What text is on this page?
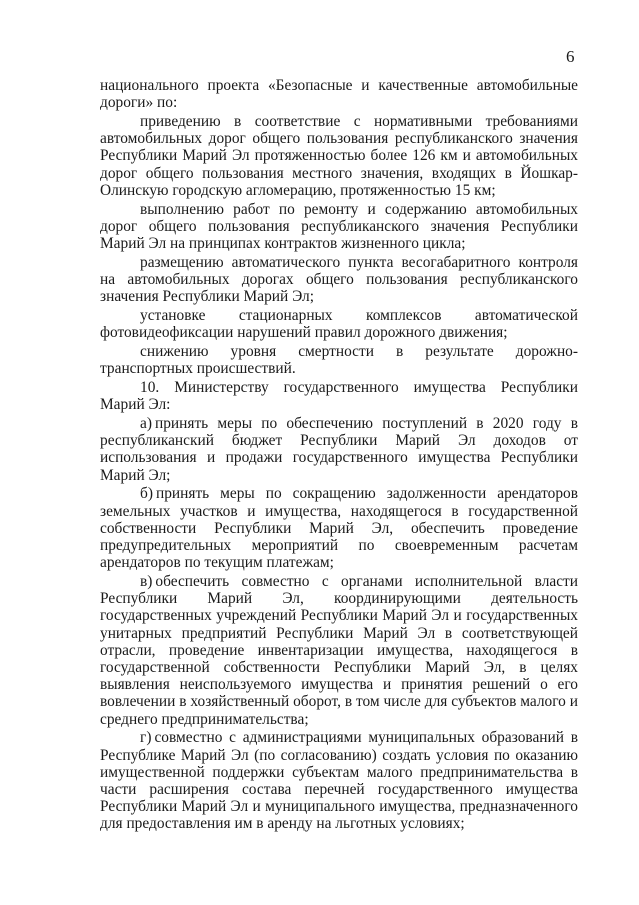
6

национального проекта «Безопасные и качественные автомобильные дороги» по:

приведению в соответствие с нормативными требованиями автомобильных дорог общего пользования республиканского значения Республики Марий Эл протяженностью более 126 км и автомобильных дорог общего пользования местного значения, входящих в Йошкар-Олинскую городскую агломерацию, протяженностью 15 км;

выполнению работ по ремонту и содержанию автомобильных дорог общего пользования республиканского значения Республики Марий Эл на принципах контрактов жизненного цикла;

размещению автоматического пункта весогабаритного контроля на автомобильных дорогах общего пользования республиканского значения Республики Марий Эл;

установке стационарных комплексов автоматической фотовидеофиксации нарушений правил дорожного движения;

снижению уровня смертности в результате дорожно-транспортных происшествий.

10. Министерству государственного имущества Республики Марий Эл:

а) принять меры по обеспечению поступлений в 2020 году в республиканский бюджет Республики Марий Эл доходов от использования и продажи государственного имущества Республики Марий Эл;

б) принять меры по сокращению задолженности арендаторов земельных участков и имущества, находящегося в государственной собственности Республики Марий Эл, обеспечить проведение предупредительных мероприятий по своевременным расчетам арендаторов по текущим платежам;

в) обеспечить совместно с органами исполнительной власти Республики Марий Эл, координирующими деятельность государственных учреждений Республики Марий Эл и государственных унитарных предприятий Республики Марий Эл в соответствующей отрасли, проведение инвентаризации имущества, находящегося в государственной собственности Республики Марий Эл, в целях выявления неиспользуемого имущества и принятия решений о его вовлечении в хозяйственный оборот, в том числе для субъектов малого и среднего предпринимательства;

г) совместно с администрациями муниципальных образований в Республике Марий Эл (по согласованию) создать условия по оказанию имущественной поддержки субъектам малого предпринимательства в части расширения состава перечней государственного имущества Республики Марий Эл и муниципального имущества, предназначенного для предоставления им в аренду на льготных условиях;
